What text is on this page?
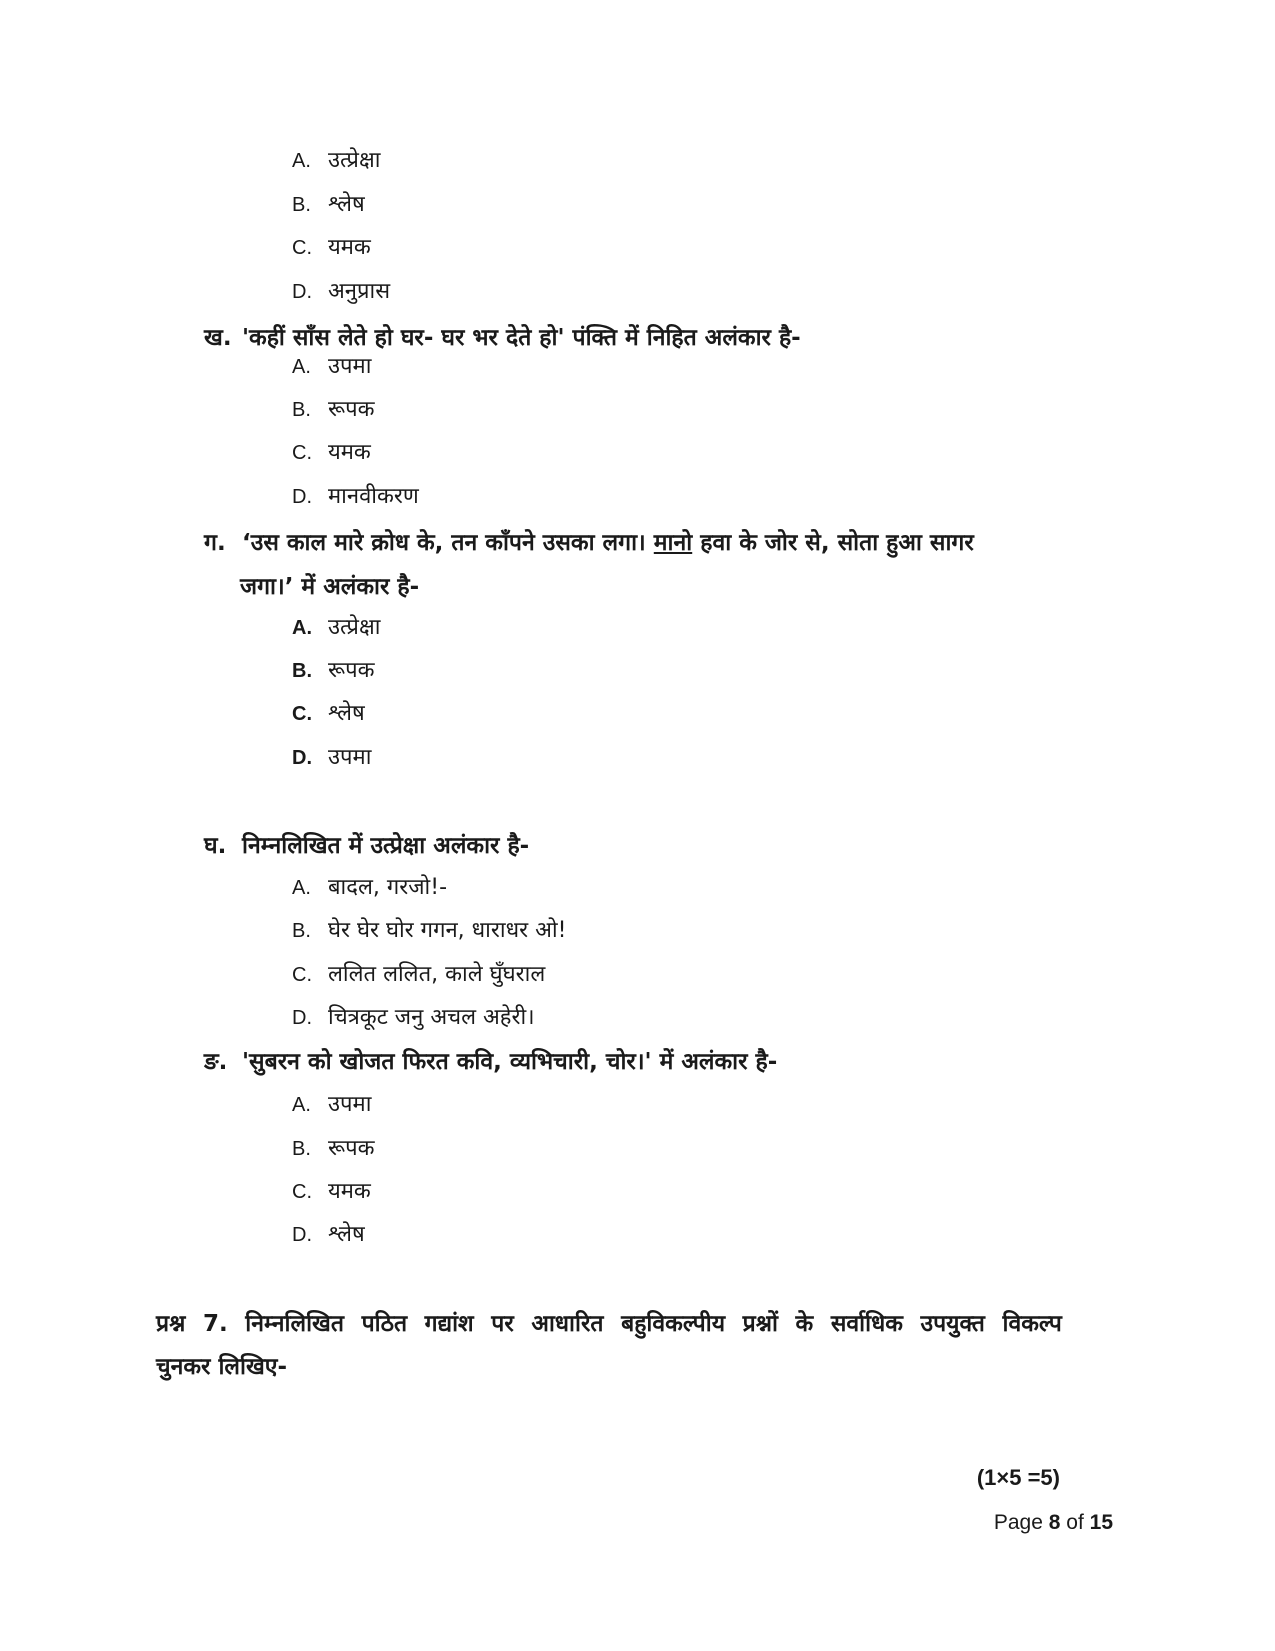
A. उत्प्रेक्षा
B. श्लेष
C. यमक
D. अनुप्रास
ख. 'कहीं साँस लेते हो घर- घर भर देते हो' पंक्ति में निहित अलंकार है-
A. उपमा
B. रूपक
C. यमक
D. मानवीकरण
ग. ‘उस काल मारे क्रोध के, तन काँपने उसका लगा। मानो हवा के जोर से, सोता हुआ सागर
जगा।’ में अलंकार है-
A. उत्प्रेक्षा
B. रूपक
C. श्लेष
D. उपमा
घ. निम्नलिखित में उत्प्रेक्षा अलंकार है-
A. बादल, गरजो!-
B. घेर घेर घोर गगन, धाराधर ओ!
C. ललित ललित, काले घुँघराल
D. चित्रकूट जनु अचल अहेरी।
ङ. 'सुबरन को खोजत फिरत कवि, व्यभिचारी, चोर।' में अलंकार है-
A. उपमा
B. रूपक
C. यमक
D. श्लेष
प्रश्न 7. निम्नलिखित पठित गद्यांश पर आधारित बहुविकल्पीय प्रश्नों के सर्वाधिक उपयुक्त विकल्प
चुनकर लिखिए-
(1×5 =5)
Page 8 of 15
